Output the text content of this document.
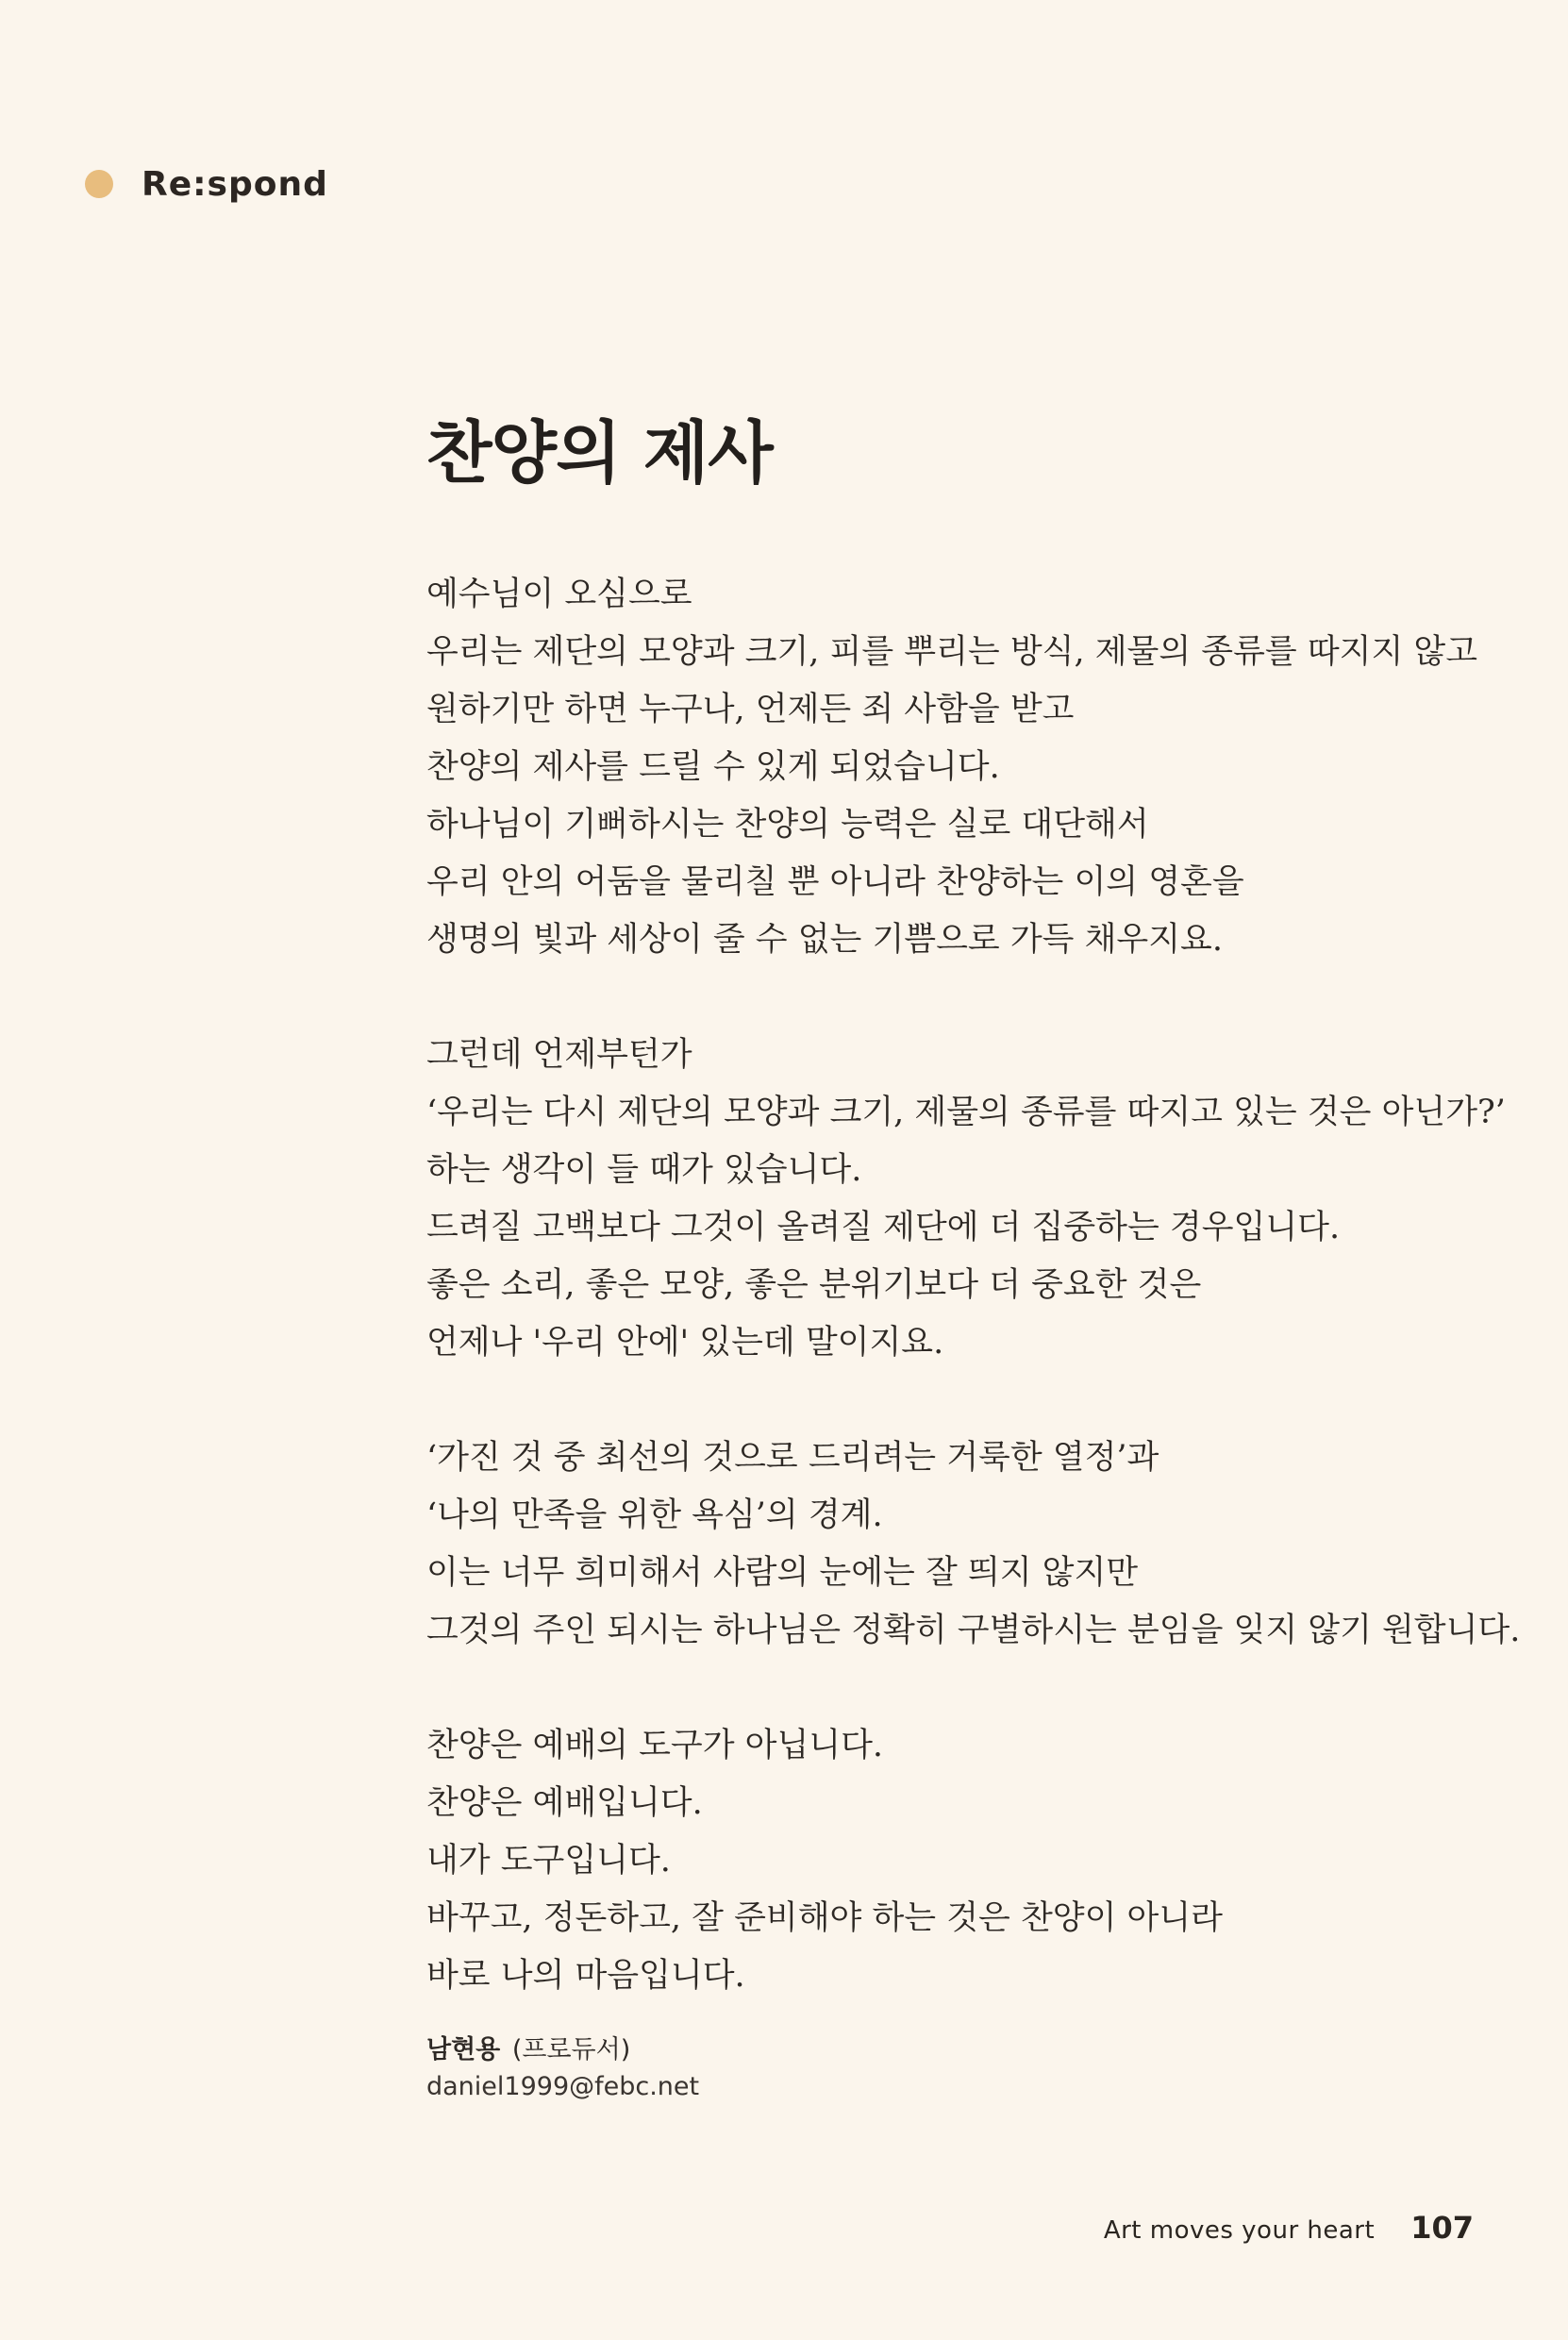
Re:spond
찬양의 제사

예수님이 오심으로
우리는 제단의 모양과 크기, 피를 뿌리는 방식, 제물의 종류를 따지지 않고
원하기만 하면 누구나, 언제든 죄 사함을 받고
찬양의 제사를 드릴 수 있게 되었습니다.
하나님이 기뻐하시는 찬양의 능력은 실로 대단해서
우리 안의 어둠을 물리칠 뿐 아니라 찬양하는 이의 영혼을
생명의 빛과 세상이 줄 수 없는 기쁨으로 가득 채우지요.

그런데 언제부턴가
‘우리는 다시 제단의 모양과 크기, 제물의 종류를 따지고 있는 것은 아닌가?’
하는 생각이 들 때가 있습니다.
드려질 고백보다 그것이 올려질 제단에 더 집중하는 경우입니다.
좋은 소리, 좋은 모양, 좋은 분위기보다 더 중요한 것은
언제나 '우리 안에' 있는데 말이지요.

‘가진 것 중 최선의 것으로 드리려는 거룩한 열정’과
‘나의 만족을 위한 욕심’의 경계.
이는 너무 희미해서 사람의 눈에는 잘 띄지 않지만
그것의 주인 되시는 하나님은 정확히 구별하시는 분임을 잊지 않기 원합니다.

찬양은 예배의 도구가 아닙니다.
찬양은 예배입니다.
내가 도구입니다.
바꾸고, 정돈하고, 잘 준비해야 하는 것은 찬양이 아니라
바로 나의 마음입니다.

남현용 (프로듀서)
daniel1999@febc.net
Art moves your heart 107
